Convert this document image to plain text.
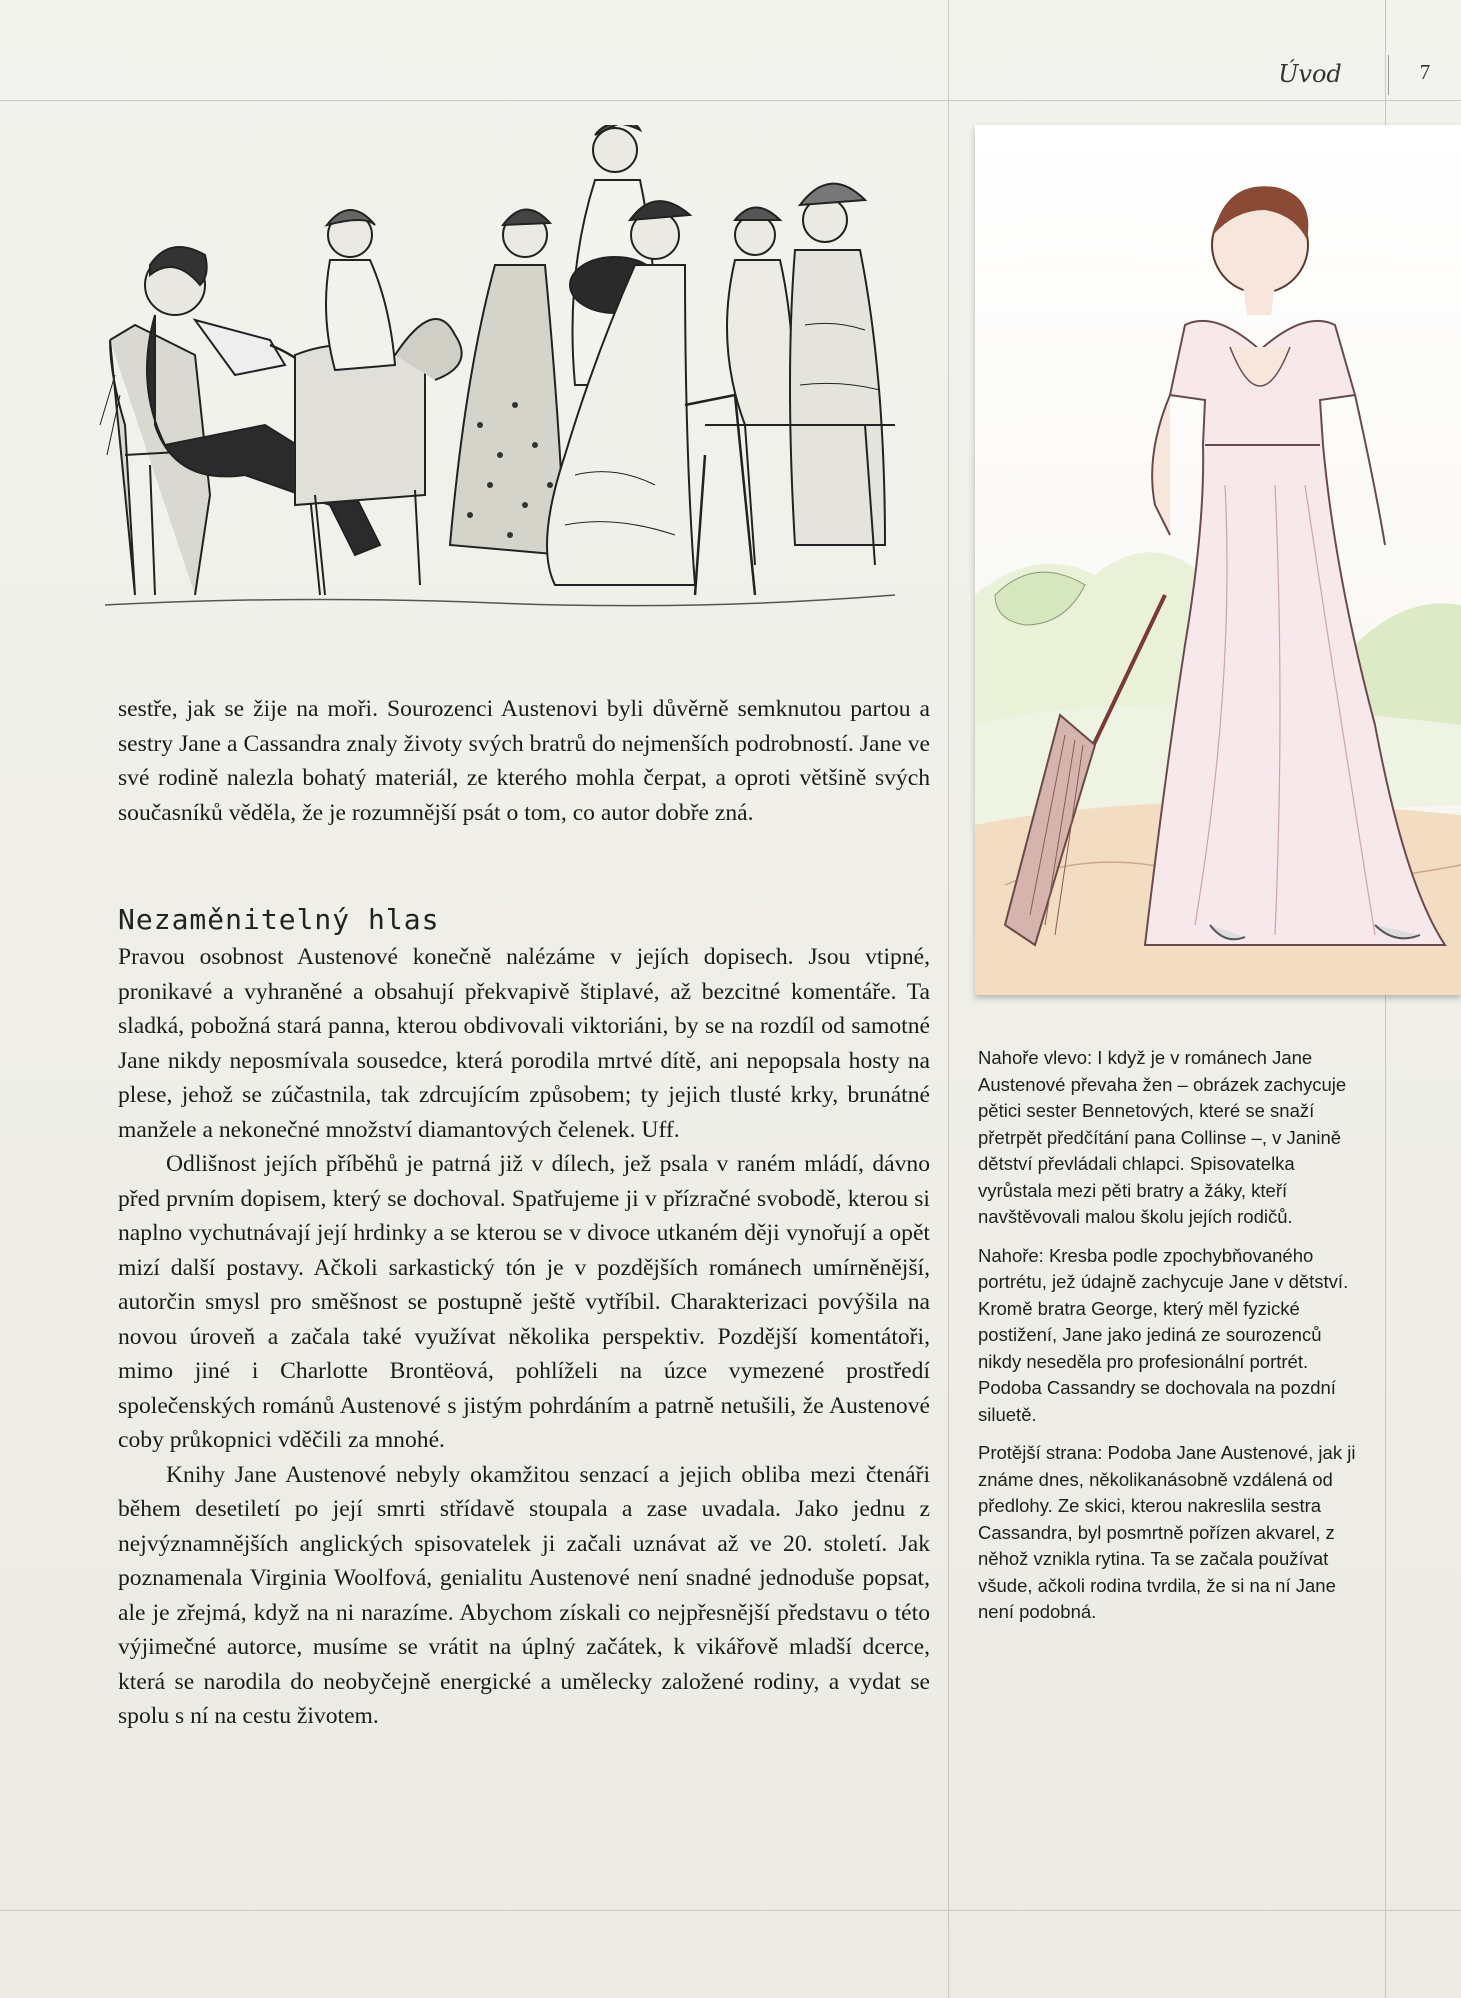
Úvod	7

sestře, jak se žije na moři. Sourozenci Austenovi byli důvěrně semknutou partou a sestry Jane a Cassandra znaly životy svých bratrů do nejmenších podrobností. Jane ve své rodině nalezla bohatý materiál, ze kterého mohla čerpat, a oproti většině svých současníků věděla, že je rozumnější psát o tom, co autor dobře zná.

Nezaměnitelný hlas

Pravou osobnost Austenové konečně nalézáme v jejích dopisech. Jsou vtipné, pronikavé a vyhraněné a obsahují překvapivě štiplavé, až bezcitné komentáře. Ta sladká, pobožná stará panna, kterou obdivovali viktoriáni, by se na rozdíl od samotné Jane nikdy neposmívala sousedce, která porodila mrtvé dítě, ani nepopsala hosty na plese, jehož se zúčastnila, tak zdrcujícím způsobem; ty jejich tlusté krky, brunátné manžele a nekonečné množství diamantových čelenek. Uff.

Odlišnost jejích příběhů je patrná již v dílech, jež psala v raném mládí, dávno před prvním dopisem, který se dochoval. Spatřujeme ji v přízračné svobodě, kterou si naplno vychutnávají její hrdinky a se kterou se v divoce utkaném ději vynořují a opět mizí další postavy. Ačkoli sarkastický tón je v pozdějších románech umírněnější, autorčin smysl pro směšnost se postupně ještě vytříbil. Charakterizaci povýšila na novou úroveň a začala také využívat několika perspektiv. Pozdější komentátoři, mimo jiné i Charlotte Brontëová, pohlíželi na úzce vymezené prostředí společenských románů Austenové s jistým pohrdáním a patrně netušili, že Austenové coby průkopnici vděčili za mnohé.

Knihy Jane Austenové nebyly okamžitou senzací a jejich obliba mezi čtenáři během desetiletí po její smrti střídavě stoupala a zase uvadala. Jako jednu z nejvýznamnějších anglických spisovatelek ji začali uznávat až ve 20. století. Jak poznamenala Virginia Woolfová, genialitu Austenové není snadné jednoduše popsat, ale je zřejmá, když na ni narazíme. Abychom získali co nejpřesnější představu o této výjimečné autorce, musíme se vrátit na úplný začátek, k vikářově mladší dcerce, která se narodila do neobyčejně energické a umělecky založené rodiny, a vydat se spolu s ní na cestu životem.

Nahoře vlevo: I když je v románech Jane Austenové převaha žen – obrázek zachycuje pětici sester Bennetových, které se snaží přetrpět předčítání pana Collinse –, v Janině dětství převládali chlapci. Spisovatelka vyrůstala mezi pěti bratry a žáky, kteří navštěvovali malou školu jejích rodičů.

Nahoře: Kresba podle zpochybňovaného portrétu, jež údajně zachycuje Jane v dětství. Kromě bratra George, který měl fyzické postižení, Jane jako jediná ze sourozenců nikdy neseděla pro profesionální portrét. Podoba Cassandry se dochovala na pozdní siluetě.

Protější strana: Podoba Jane Austenové, jak ji známe dnes, několikanásobně vzdálená od předlohy. Ze skici, kterou nakreslila sestra Cassandra, byl posmrtně pořízen akvarel, z něhož vznikla rytina. Ta se začala používat všude, ačkoli rodina tvrdila, že si na ní Jane není podobná.
